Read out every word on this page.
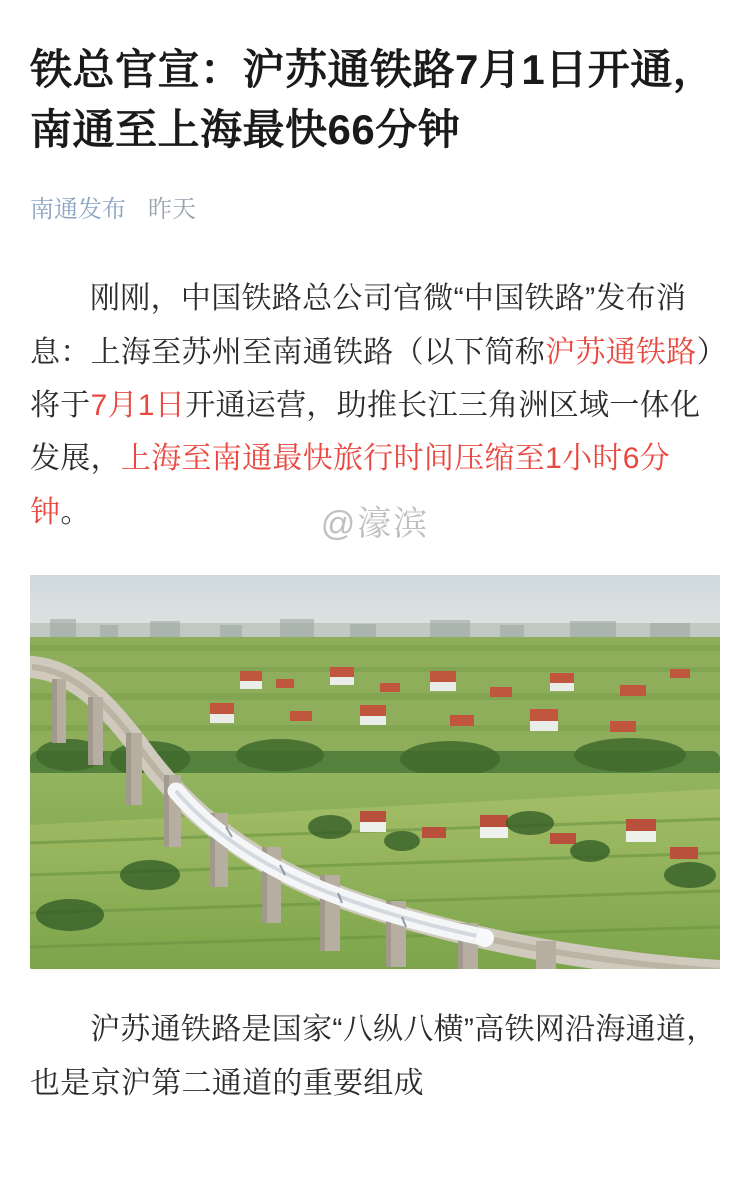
铁总官宣：沪苏通铁路7月1日开通，南通至上海最快66分钟
南通发布 昨天

刚刚，中国铁路总公司官微“中国铁路”发布消息：上海至苏州至南通铁路（以下简称沪苏通铁路）将于7月1日开通运营，助推长江三角洲区域一体化发展，上海至南通最快旅行时间压缩至1小时6分钟。	@濠滨

沪苏通铁路是国家“八纵八横”高铁网沿海通道，也是京沪第二通道的重要组成
